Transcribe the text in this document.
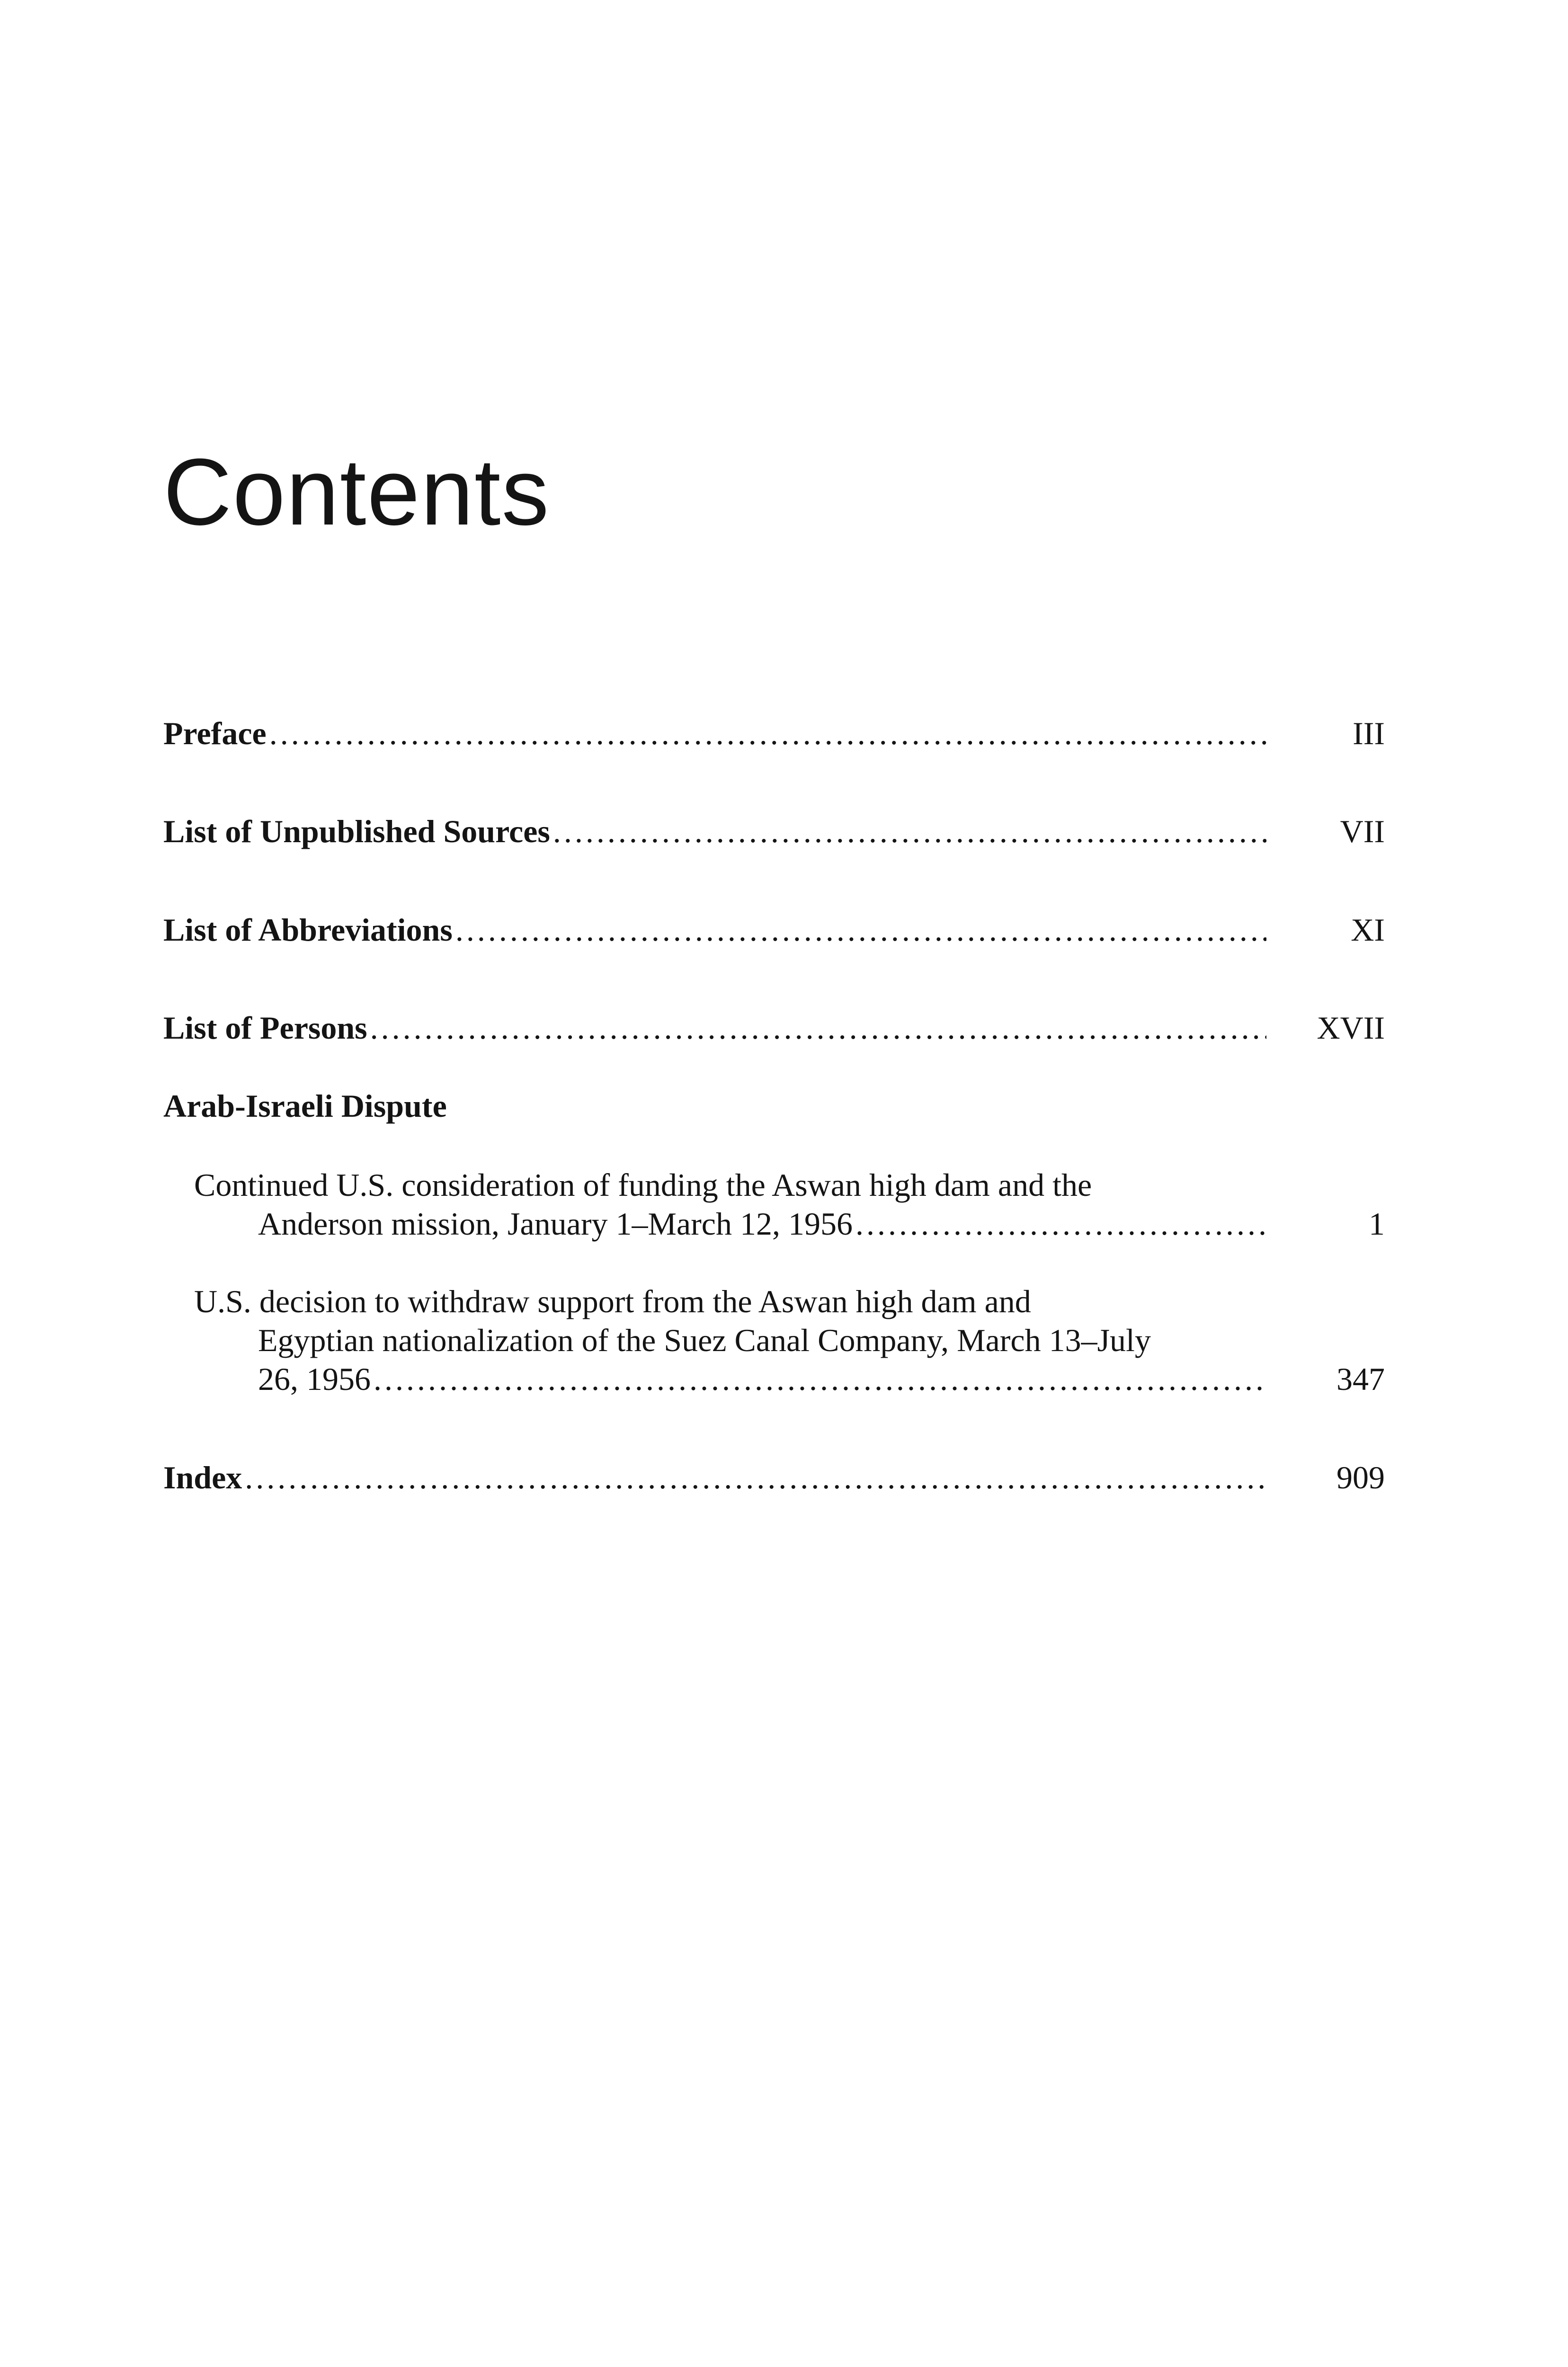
Contents
Preface .....	III
List of Unpublished Sources .....	VII
List of Abbreviations .....	XI
List of Persons .....	XVII
Arab-Israeli Dispute
Continued U.S. consideration of funding the Aswan high dam and the
Anderson mission, January 1–March 12, 1956 .....	1
U.S. decision to withdraw support from the Aswan high dam and
Egyptian nationalization of the Suez Canal Company, March 13–July
26, 1956 .....	347
Index .....	909
